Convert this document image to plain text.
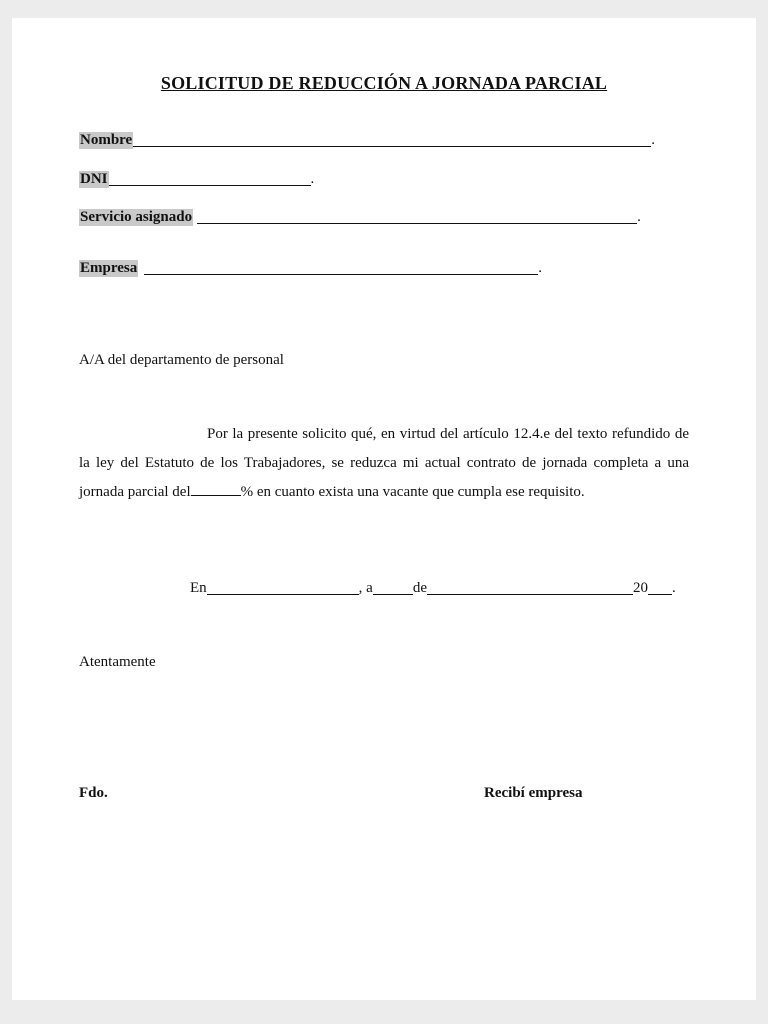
SOLICITUD DE REDUCCIÓN A JORNADA PARCIAL
Nombre	.
DNI	.
Servicio asignado	.
Empresa	.
A/A del departamento de personal
Por la presente solicito qué, en virtud del artículo 12.4.e del texto refundido de la ley del Estatuto de los Trabajadores, se reduzca mi actual contrato de jornada completa a una jornada parcial del	% en cuanto exista una vacante que cumpla ese requisito.
En	, a	de	20 .
Atentamente
Fdo.	Recibí empresa
